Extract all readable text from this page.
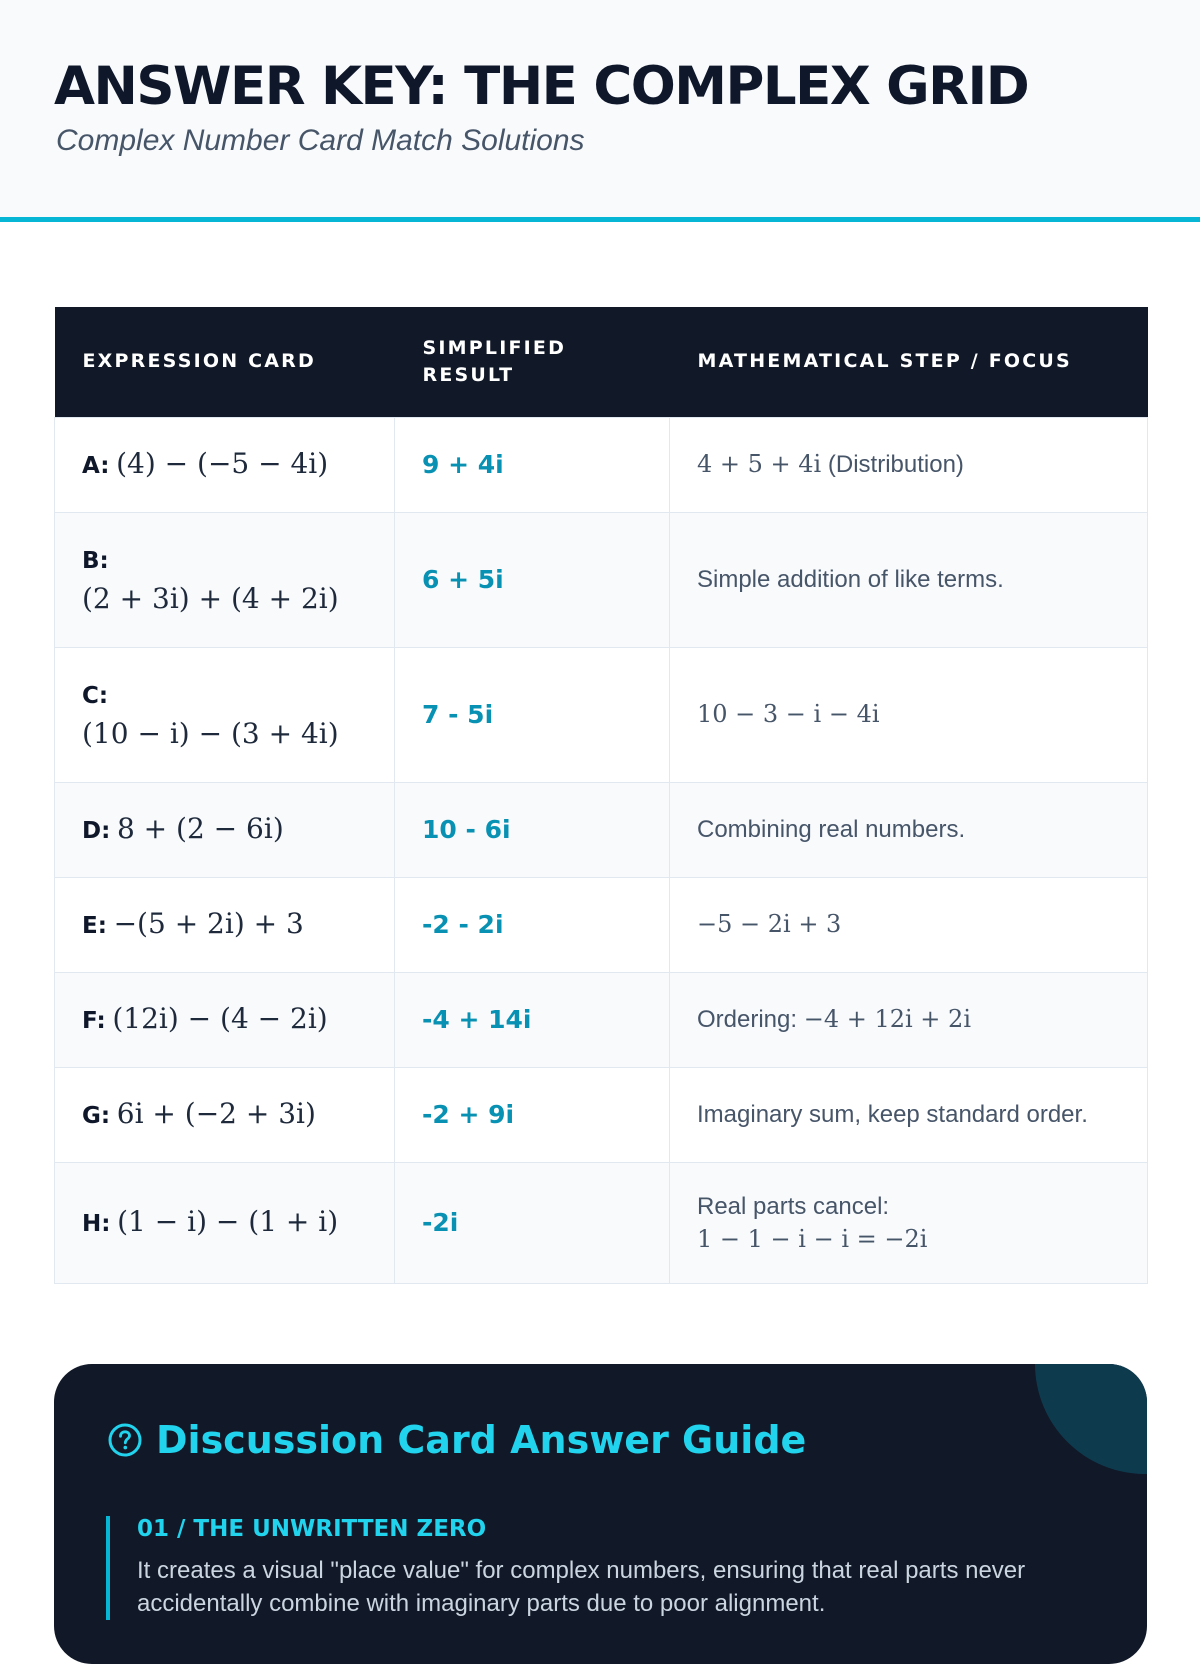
ANSWER KEY: THE COMPLEX GRID

Complex Number Card Match Solutions

EXPRESSION CARD	SIMPLIFIED RESULT	MATHEMATICAL STEP / FOCUS
A: (4) − (−5 − 4i)	9 + 4i	4 + 5 + 4i (Distribution)

B:
(2 + 3i) + (4 + 2i)	6 + 5i	Simple addition of like terms.

C:
(10 − i) − (3 + 4i)	7 - 5i	10 − 3 − i − 4i
D: 8 + (2 − 6i)	10 - 6i	Combining real numbers.
E: −(5 + 2i) + 3	-2 - 2i	−5 − 2i + 3
F: (12i) − (4 − 2i)	-4 + 14i	Ordering: −4 + 12i + 2i
G: 6i + (−2 + 3i)	-2 + 9i	Imaginary sum, keep standard order.
H: (1 − i) − (1 + i)	-2i	Real parts cancel:
1 − 1 − i − i = −2i
Discussion Card Answer Guide

01 / THE UNWRITTEN ZERO

It creates a visual "place value" for complex numbers, ensuring that real parts never accidentally combine with imaginary parts due to poor alignment.
